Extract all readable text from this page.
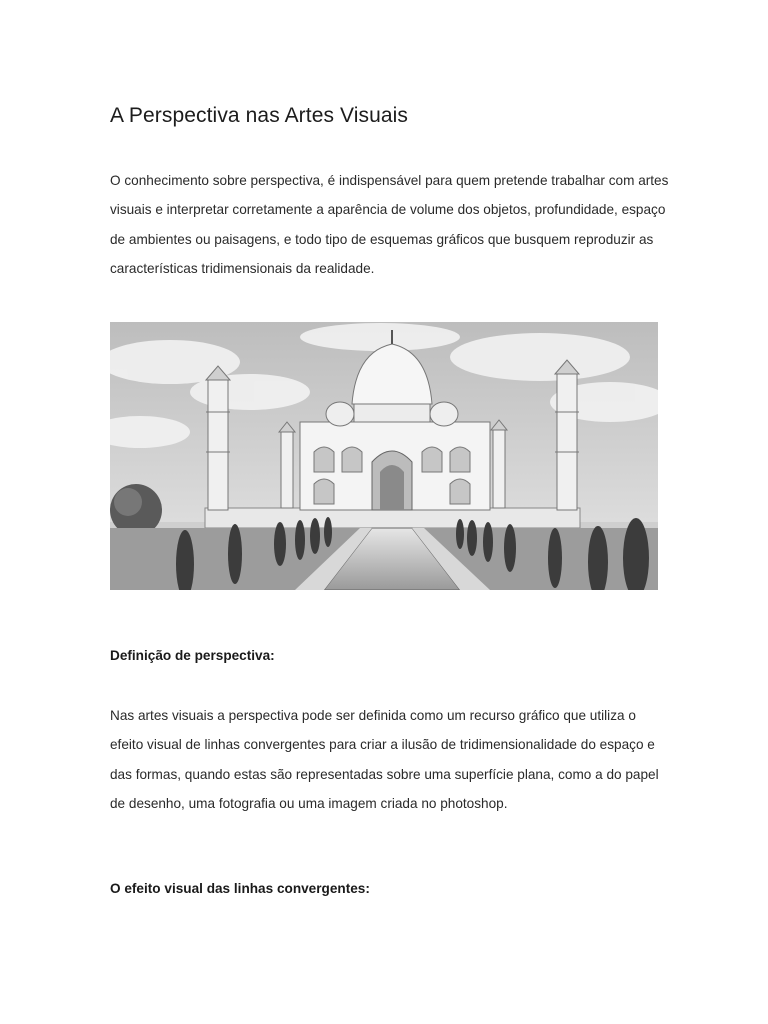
A Perspectiva nas Artes Visuais

O conhecimento sobre perspectiva, é indispensável para quem pretende trabalhar com artes visuais e interpretar corretamente a aparência de volume dos objetos, profundidade, espaço de ambientes ou paisagens, e todo tipo de esquemas gráficos que busquem reproduzir as características tridimensionais da realidade.

Definição de perspectiva:

Nas artes visuais a perspectiva pode ser definida como um recurso gráfico que utiliza o efeito visual de linhas convergentes para criar a ilusão de tridimensionalidade do espaço e das formas, quando estas são representadas sobre uma superfície plana, como a do papel de desenho, uma fotografia ou uma imagem criada no photoshop.

O efeito visual das linhas convergentes:
